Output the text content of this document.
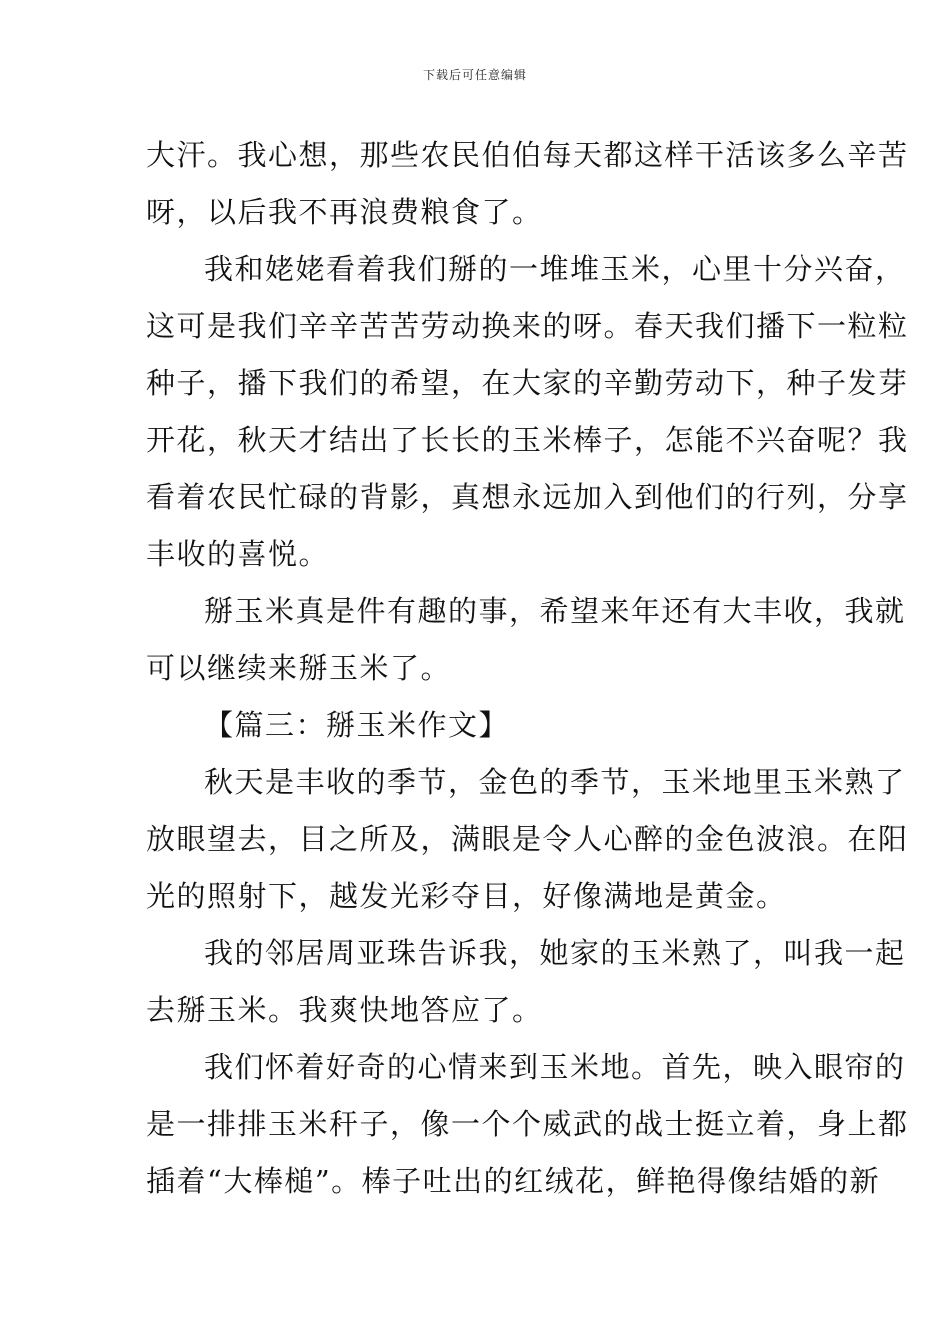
下载后可任意编辑

大汗。我心想，那些农民伯伯每天都这样干活该多么辛苦
呀，以后我不再浪费粮食了。

我和姥姥看着我们掰的一堆堆玉米，心里十分兴奋，

这可是我们辛辛苦苦劳动换来的呀。春天我们播下一粒粒
种子，播下我们的希望，在大家的辛勤劳动下，种子发芽
开花，秋天才结出了长长的玉米棒子，怎能不兴奋呢？我
看着农民忙碌的背影，真想永远加入到他们的行列，分享
丰收的喜悦。

掰玉米真是件有趣的事，希望来年还有大丰收，我就

可以继续来掰玉米了。

【篇三：掰玉米作文】

秋天是丰收的季节，金色的季节，玉米地里玉米熟了

放眼望去，目之所及，满眼是令人心醉的金色波浪。在阳
光的照射下，越发光彩夺目，好像满地是黄金。

我的邻居周亚珠告诉我，她家的玉米熟了，叫我一起

去掰玉米。我爽快地答应了。

我们怀着好奇的心情来到玉米地。首先，映入眼帘的

是一排排玉米秆子，像一个个威武的战士挺立着，身上都
插着“大棒槌”。棒子吐出的红绒花，鲜艳得像结婚的新
